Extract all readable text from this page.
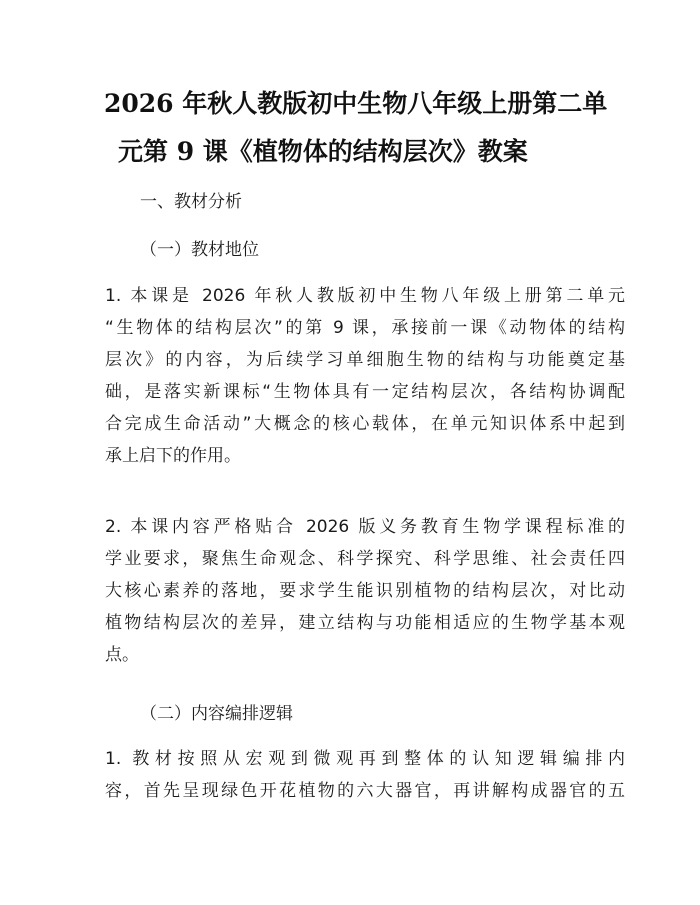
2026 年秋人教版初中生物八年级上册第二单
元第 9 课《植物体的结构层次》教案
一、教材分析
（一）教材地位
1. 本课是 2026 年秋人教版初中生物八年级上册第二单元
“生物体的结构层次”的第 9 课，承接前一课《动物体的结构
层次》的内容，为后续学习单细胞生物的结构与功能奠定基
础，是落实新课标“生物体具有一定结构层次，各结构协调配
合完成生命活动”大概念的核心载体，在单元知识体系中起到
承上启下的作用。
2. 本课内容严格贴合 2026 版义务教育生物学课程标准的
学业要求，聚焦生命观念、科学探究、科学思维、社会责任四
大核心素养的落地，要求学生能识别植物的结构层次，对比动
植物结构层次的差异，建立结构与功能相适应的生物学基本观
点。
（二）内容编排逻辑
1. 教材按照从宏观到微观再到整体的认知逻辑编排内
容，首先呈现绿色开花植物的六大器官，再讲解构成器官的五
